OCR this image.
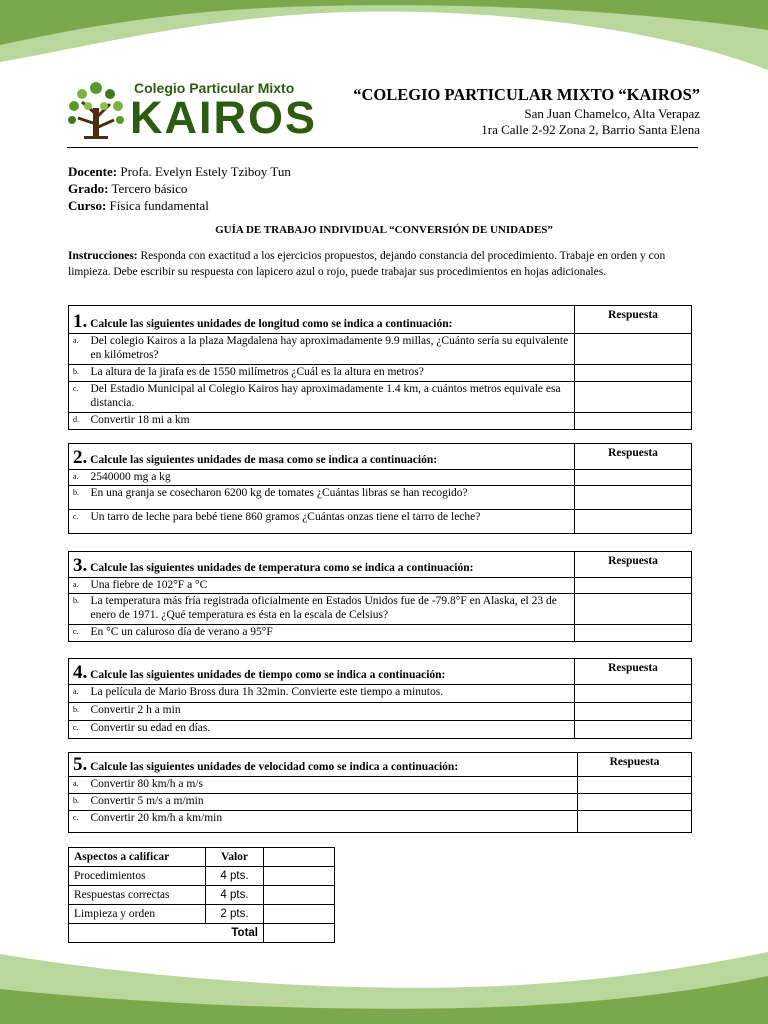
Colegio Particular Mixto
KAIROS “COLEGIO PARTICULAR MIXTO “KAIROS”
San Juan Chamelco, Alta Verapaz
1ra Calle 2-92 Zona 2, Barrio Santa Elena
Docente: Profa. Evelyn Estely Tziboy Tun
Grado: Tercero básico
Curso: Física fundamental
GUÍA DE TRABAJO INDIVIDUAL “CONVERSIÓN DE UNIDADES”
Instrucciones: Responda con exactitud a los ejercicios propuestos, dejando constancia del procedimiento. Trabaje en orden y con limpieza. Debe escribir su respuesta con lapicero azul o rojo, puede trabajar sus procedimientos en hojas adicionales.
1. Calcule las siguientes unidades de longitud como se indica a continuación:		Respuesta
a.	Del colegio Kairos a la plaza Magdalena hay aproximadamente 9.9 millas, ¿Cuánto sería su equivalente en kilómetros?	
b.	La altura de la jirafa es de 1550 milímetros ¿Cuál es la altura en metros?	
c.	Del Estadio Municipal al Colegio Kairos hay aproximadamente 1.4 km, a cuántos metros equivale esa distancia.	
d.	Convertir 18 mi a km	
2. Calcule las siguientes unidades de masa como se indica a continuación:		Respuesta
a.	2540000 mg a kg	
b.	En una granja se cosecharon 6200 kg de tomates ¿Cuántas libras se han recogido?	
c.	Un tarro de leche para bebé tiene 860 gramos ¿Cuántas onzas tiene el tarro de leche?	
3. Calcule las siguientes unidades de temperatura como se indica a continuación:		Respuesta
a.	Una fiebre de 102°F a °C	
b.	La temperatura más fría registrada oficialmente en Estados Unidos fue de -79.8°F en Alaska, el 23 de enero de 1971. ¿Qué temperatura es ésta en la escala de Celsius?	
c.	En °C un caluroso día de verano a 95°F	
4. Calcule las siguientes unidades de tiempo como se indica a continuación:		Respuesta
a.	La película de Mario Bross dura 1h 32min. Convierte este tiempo a minutos.	
b.	Convertir 2 h a min	
c.	Convertir su edad en días.	
5. Calcule las siguientes unidades de velocidad como se indica a continuación:		Respuesta
a.	Convertir 80 km/h a m/s	
b.	Convertir 5 m/s a m/min	
c.	Convertir 20 km/h a km/min	
Aspectos a calificar	Valor	
Procedimientos	4 pts.	
Respuestas correctas	4 pts.	
Limpieza y orden	2 pts.	
Total		
